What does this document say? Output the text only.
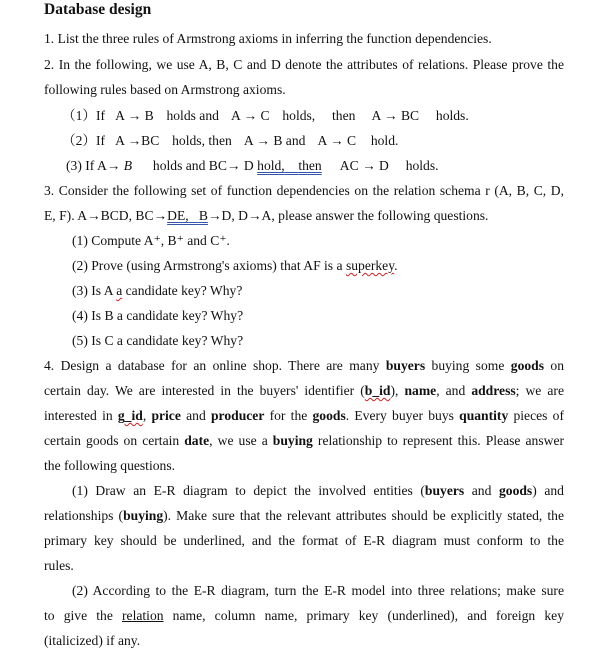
Database design
1. List the three rules of Armstrong axioms in inferring the function dependencies.
2. In the following, we use A, B, C and D denote the attributes of relations. Please prove the
following rules based on Armstrong axioms.
（1）If A → B holds and A → C holds, then A → BC holds.
（2）If A →BC holds, then A → B and A → C hold.
(3) If A→ B holds and BC→ D hold, then AC → D holds.
3. Consider the following set of function dependencies on the relation schema r (A, B, C, D,
E, F). A→BCD, BC→DE, B→D, D→A, please answer the following questions.
(1) Compute A⁺, B⁺ and C⁺.
(2) Prove (using Armstrong's axioms) that AF is a superkey.
(3) Is A a candidate key? Why?
(4) Is B a candidate key? Why?
(5) Is C a candidate key? Why?
4. Design a database for an online shop. There are many buyers buying some goods on
certain day. We are interested in the buyers' identifier (b_id), name, and address; we are
interested in g_id, price and producer for the goods. Every buyer buys quantity pieces of
certain goods on certain date, we use a buying relationship to represent this. Please answer
the following questions.
(1) Draw an E-R diagram to depict the involved entities (buyers and goods) and
relationships (buying). Make sure that the relevant attributes should be explicitly stated, the
primary key should be underlined, and the format of E-R diagram must conform to the
rules.
(2) According to the E-R diagram, turn the E-R model into three relations; make sure
to give the relation name, column name, primary key (underlined), and foreign key
(italicized) if any.
